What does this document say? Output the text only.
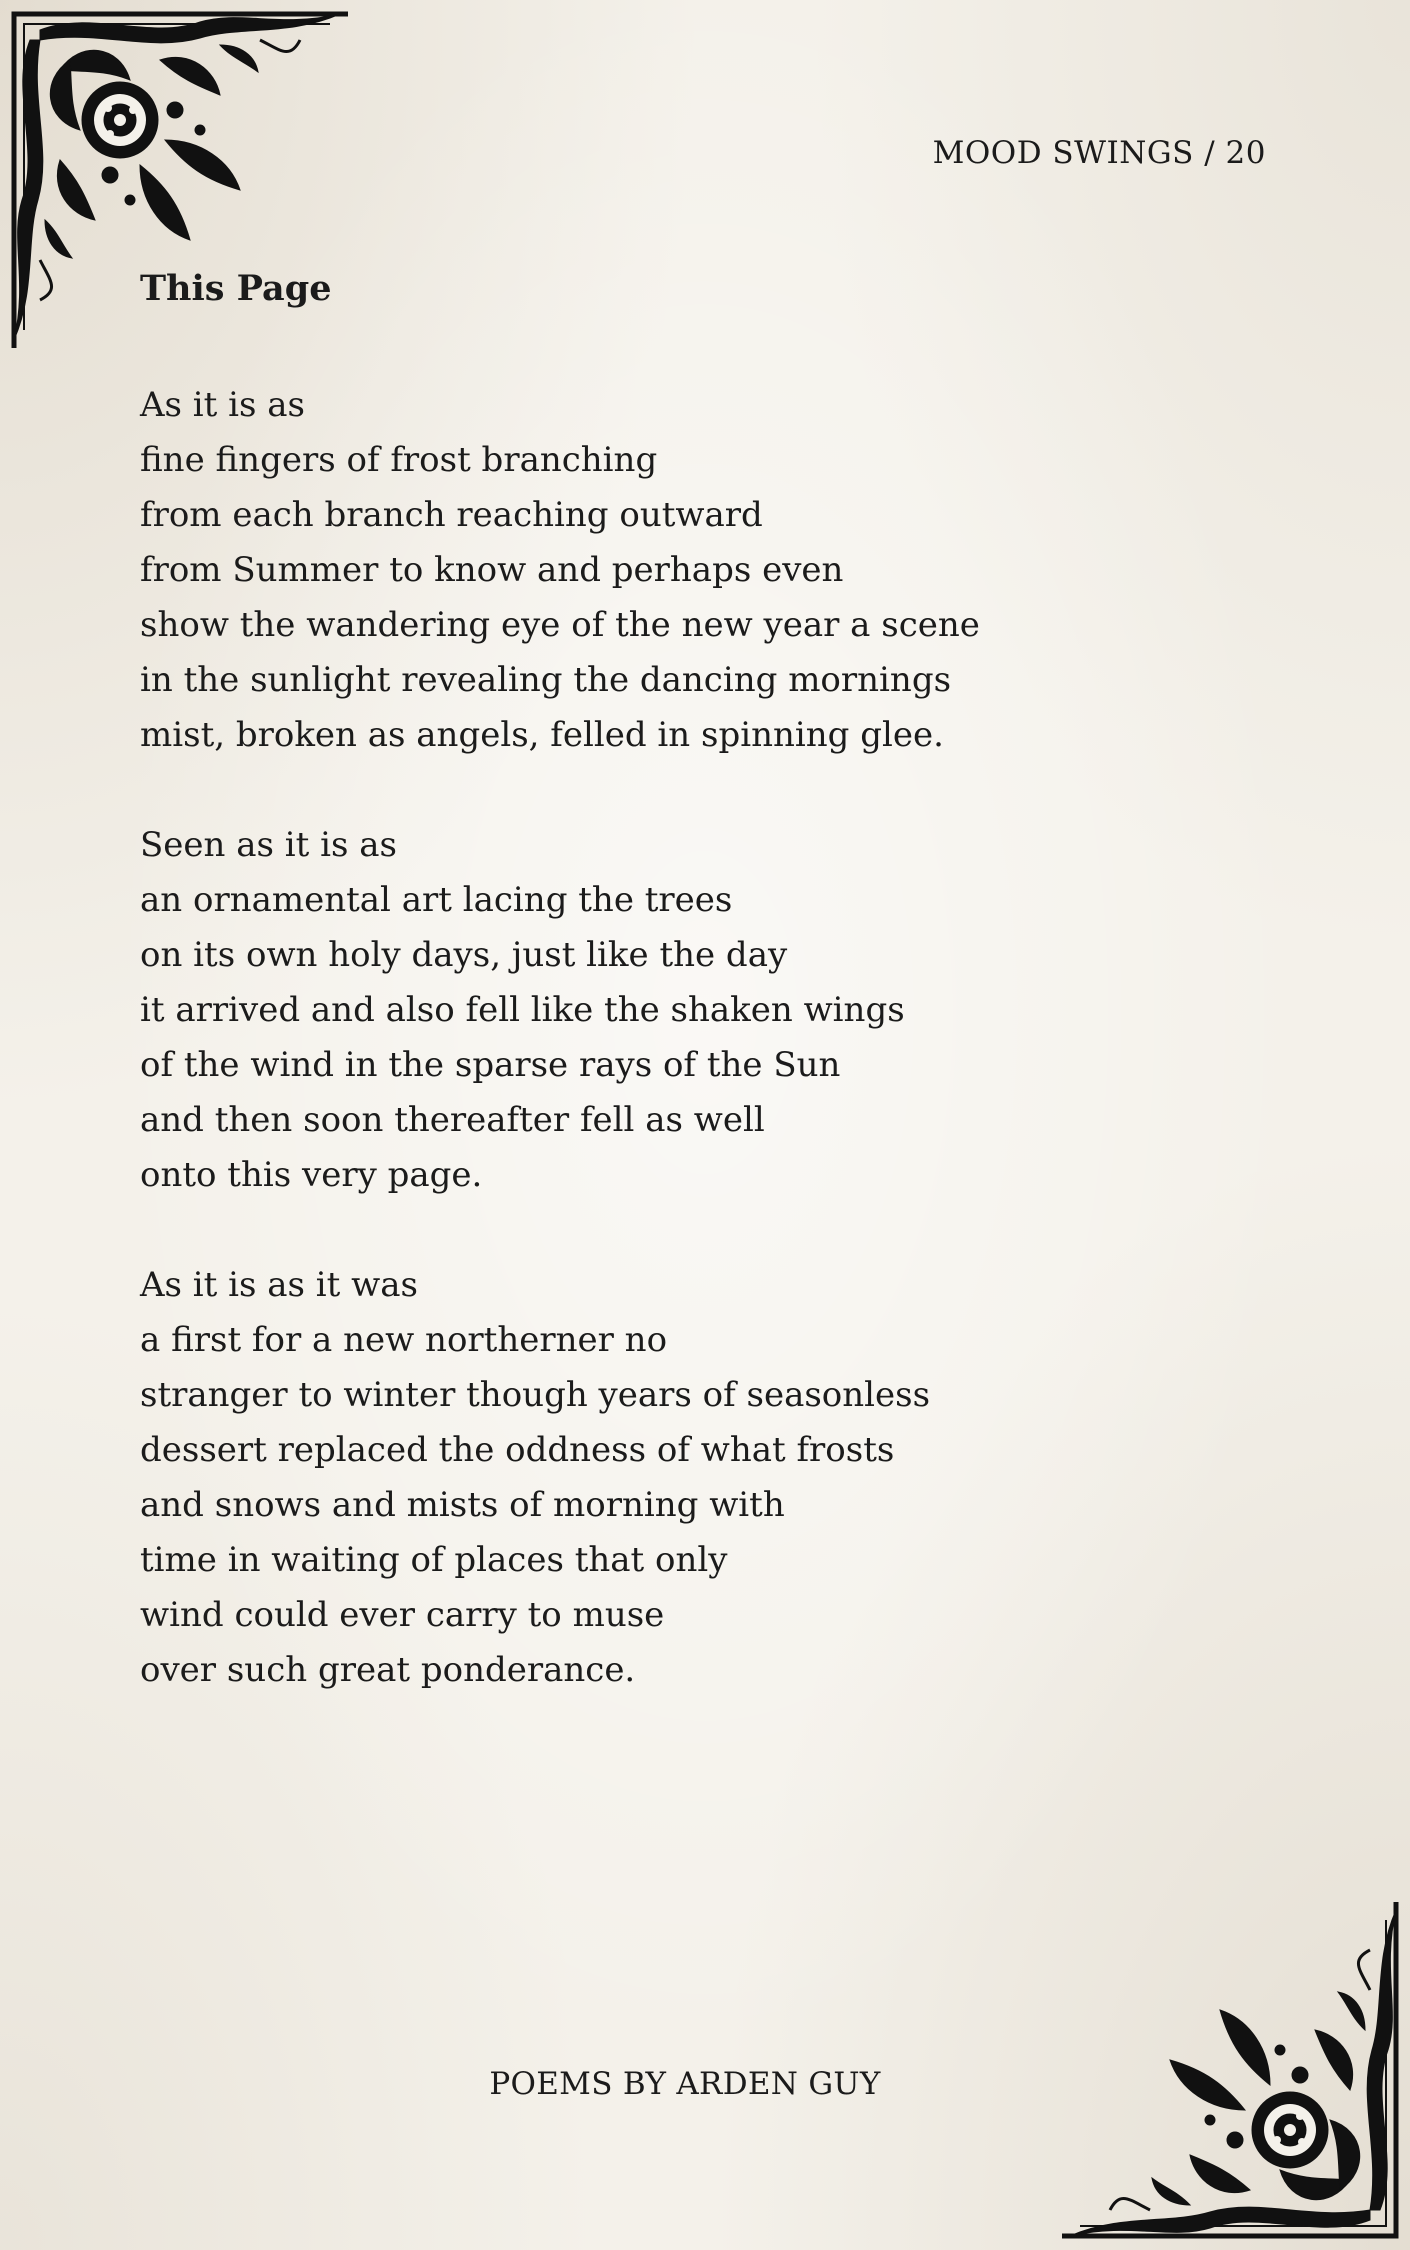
MOOD SWINGS / 20
This Page
As it is as
fine fingers of frost branching
from each branch reaching outward
from Summer to know and perhaps even
show the wandering eye of the new year a scene
in the sunlight revealing the dancing mornings
mist, broken as angels, felled in spinning glee.
Seen as it is as
an ornamental art lacing the trees
on its own holy days, just like the day
it arrived and also fell like the shaken wings
of the wind in the sparse rays of the Sun
and then soon thereafter fell as well
onto this very page.
As it is as it was
a first for a new northerner no
stranger to winter though years of seasonless
dessert replaced the oddness of what frosts
and snows and mists of morning with
time in waiting of places that only
wind could ever carry to muse
over such great ponderance.
POEMS BY ARDEN GUY
